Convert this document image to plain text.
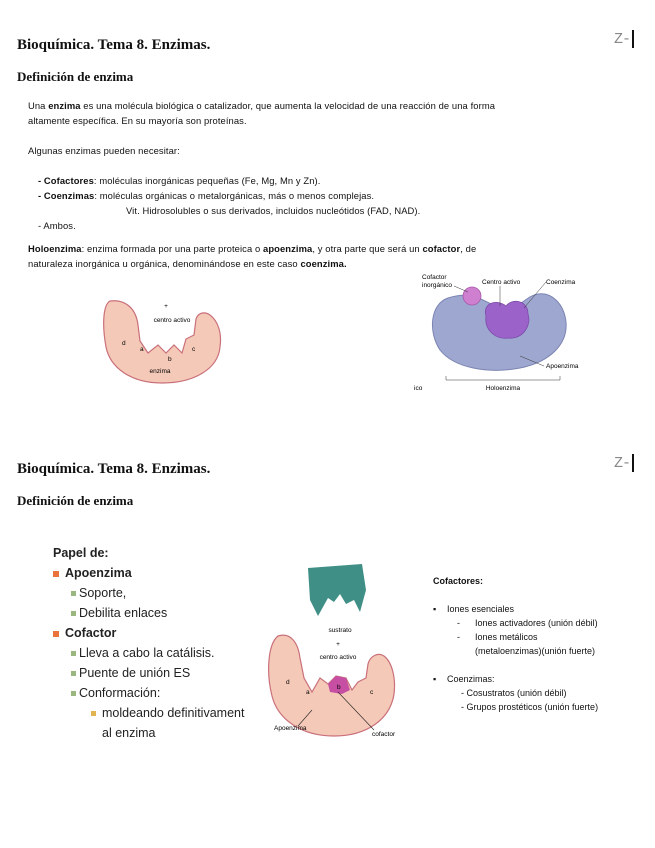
Bioquímica. Tema 8. Enzimas.	Z-
Definición de enzima
Una enzima es una molécula biológica o catalizador, que aumenta la velocidad de una reacción de una forma
altamente específica. En su mayoría son proteínas.
Algunas enzimas pueden necesitar:
- Cofactores: moléculas inorgánicas pequeñas (Fe, Mg, Mn y Zn).
- Coenzimas: moléculas orgánicas o metalorgánicas, más o menos complejas.
Vit. Hidrosolubles o sus derivados, incluidos nucleótidos (FAD, NAD).
- Ambos.
Holoenzima: enzima formada por una parte proteica o apoenzima, y otra parte que será un cofactor, de
naturaleza inorgánica u orgánica, denominándose en este caso coenzima.
+
centro activo
d
a
b
c
enzima
Cofactor
inorgánico	Centro activo	Coenzima
Apoenzima
Holoenzima
ico
Bioquímica. Tema 8. Enzimas.	Z-
Definición de enzima
Papel de:
Apoenzima
Soporte,
Debilita enlaces
Cofactor
Lleva a cabo la catálisis.
Puente de unión ES
Conformación:
moldeando definitivament
al enzima
sustrato
+
centro activo
d
a
b
c
Apoenzima
cofactor
Cofactores:
▪ Iones esenciales
- Iones activadores (unión débil)
- Iones metálicos
(metaloenzimas)(unión fuerte)
▪ Coenzimas:
- Cosustratos (unión débil)
- Grupos prostéticos (unión fuerte)
